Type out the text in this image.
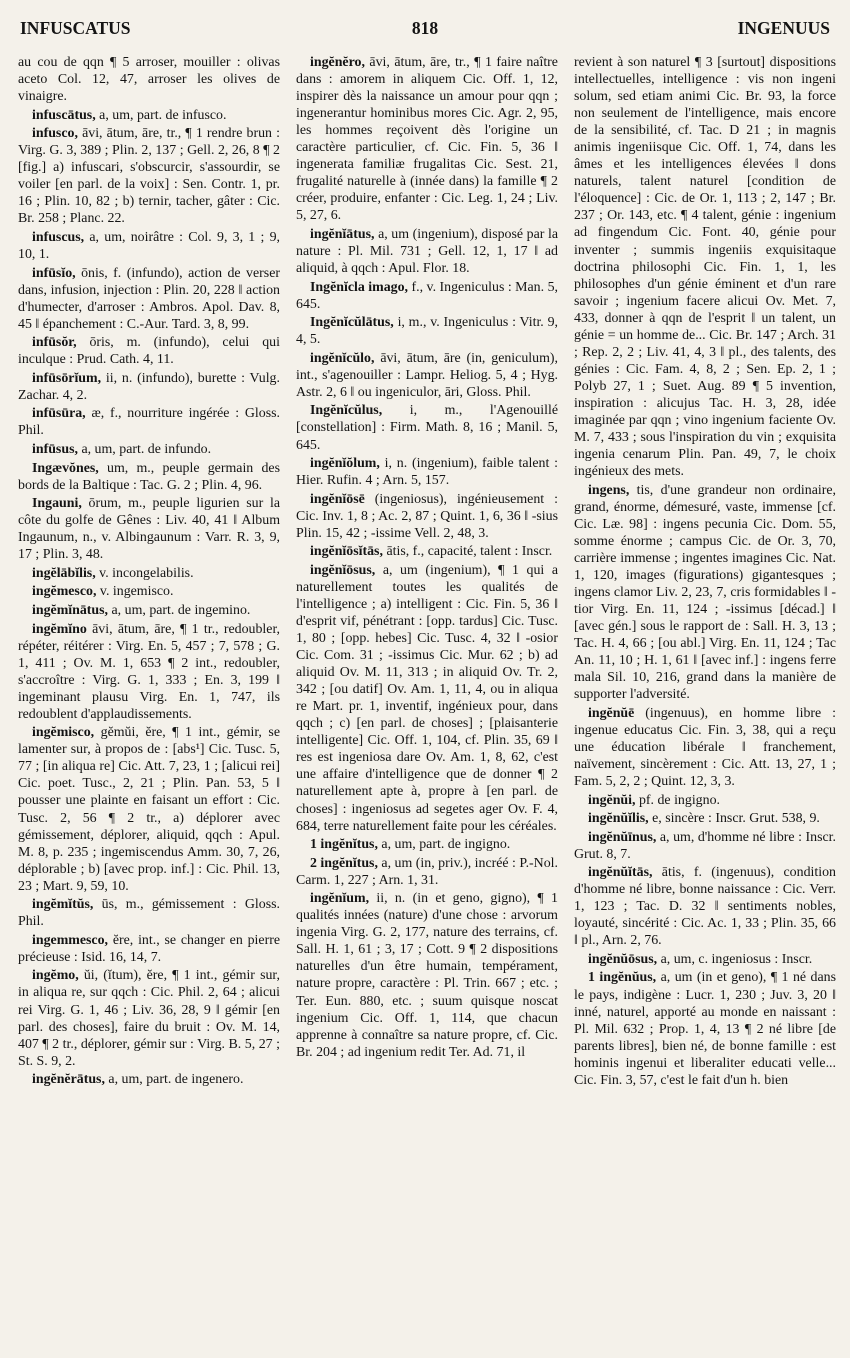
INFUSCATUS	818	INGENUUS

au cou de qqn ¶ 5 arroser, mouiller : olivas aceto Col. 12, 47, arroser les olives de vinaigre.

infuscātus, a, um, part. de infusco.

infusco, āvi, ātum, āre, tr., ¶ 1 rendre brun : Virg. G. 3, 389 ; Plin. 2, 137 ; Gell. 2, 26, 8 ¶ 2 [fig.] a) infuscari, s'obscurcir, s'assourdir, se voiler [en parl. de la voix] : Sen. Contr. 1, pr. 16 ; Plin. 10, 82 ; b) ternir, tacher, gâter : Cic. Br. 258 ; Planc. 22.

infuscus, a, um, noirâtre : Col. 9, 3, 1 ; 9, 10, 1.

infūsĭo, ōnis, f. (infundo), action de verser dans, infusion, injection : Plin. 20, 228 ‖ action d'humecter, d'arroser : Ambros. Apol. Dav. 8, 45 ‖ épanchement : C.-Aur. Tard. 3, 8, 99.

infūsŏr, ōris, m. (infundo), celui qui inculque : Prud. Cath. 4, 11.

infūsōrĭum, ii, n. (infundo), burette : Vulg. Zachar. 4, 2.

infūsūra, æ, f., nourriture ingérée : Gloss. Phil.

infūsus, a, um, part. de infundo.

Ingævŏnes, um, m., peuple germain des bords de la Baltique : Tac. G. 2 ; Plin. 4, 96.

Ingauni, ōrum, m., peuple ligurien sur la côte du golfe de Gênes : Liv. 40, 41 ‖ Album Ingaunum, n., v. Albingaunum : Varr. R. 3, 9, 17 ; Plin. 3, 48.

ingĕlābĭlis, v. incongelabilis.

ingĕmesco, v. ingemisco.

ingĕmĭnātus, a, um, part. de ingemino.

ingĕmĭno āvi, ātum, āre, ¶ 1 tr., redoubler, répéter, réitérer : Virg. En. 5, 457 ; 7, 578 ; G. 1, 411 ; Ov. M. 1, 653 ¶ 2 int., redoubler, s'accroître : Virg. G. 1, 333 ; En. 3, 199 ‖ ingeminant plausu Virg. En. 1, 747, ils redoublent d'applaudissements.

ingĕmisco, gĕmŭi, ĕre, ¶ 1 int., gémir, se lamenter sur, à propos de : [abs¹] Cic. Tusc. 5, 77 ; [in aliqua re] Cic. Att. 7, 23, 1 ; [alicui rei] Cic. poet. Tusc., 2, 21 ; Plin. Pan. 53, 5 ‖ pousser une plainte en faisant un effort : Cic. Tusc. 2, 56 ¶ 2 tr., a) déplorer avec gémissement, déplorer, aliquid, qqch : Apul. M. 8, p. 235 ; ingemiscendus Amm. 30, 7, 26, déplorable ; b) [avec prop. inf.] : Cic. Phil. 13, 23 ; Mart. 9, 59, 10.

ingĕmĭtŭs, ūs, m., gémissement : Gloss. Phil.

ingemmesco, ĕre, int., se changer en pierre précieuse : Isid. 16, 14, 7.

ingĕmo, ŭi, (ĭtum), ĕre, ¶ 1 int., gémir sur, in aliqua re, sur qqch : Cic. Phil. 2, 64 ; alicui rei Virg. G. 1, 46 ; Liv. 36, 28, 9 ‖ gémir [en parl. des choses], faire du bruit : Ov. M. 14, 407 ¶ 2 tr., déplorer, gémir sur : Virg. B. 5, 27 ; St. S. 9, 2.

ingĕnĕrātus, a, um, part. de ingenero.

ingĕnĕro, āvi, ātum, āre, tr., ¶ 1 faire naître dans : amorem in aliquem Cic. Off. 1, 12, inspirer dès la naissance un amour pour qqn ; ingenerantur hominibus mores Cic. Agr. 2, 95, les hommes reçoivent dès l'origine un caractère particulier, cf. Cic. Fin. 5, 36 ‖ ingenerata familiæ frugalitas Cic. Sest. 21, frugalité naturelle à (innée dans) la famille ¶ 2 créer, produire, enfanter : Cic. Leg. 1, 24 ; Liv. 5, 27, 6.

ingĕnĭātus, a, um (ingenium), disposé par la nature : Pl. Mil. 731 ; Gell. 12, 1, 17 ‖ ad aliquid, à qqch : Apul. Flor. 18.

Ingĕnĭcla imago, f., v. Ingeniculus : Man. 5, 645.

Ingĕnĭcŭlātus, i, m., v. Ingeniculus : Vitr. 9, 4, 5.

ingĕnĭcŭlo, āvi, ātum, āre (in, geniculum), int., s'agenouiller : Lampr. Heliog. 5, 4 ; Hyg. Astr. 2, 6 ‖ ou ingeniculor, āri, Gloss. Phil.

Ingĕnĭcŭlus, i, m., l'Agenouillé [constellation] : Firm. Math. 8, 16 ; Manil. 5, 645.

ingĕnĭŏlum, i, n. (ingenium), faible talent : Hier. Rufin. 4 ; Arn. 5, 157.

ingĕnĭōsē (ingeniosus), ingénieusement : Cic. Inv. 1, 8 ; Ac. 2, 87 ; Quint. 1, 6, 36 ‖ -sius Plin. 15, 42 ; -issime Vell. 2, 48, 3.

ingĕnĭōsĭtās, ātis, f., capacité, talent : Inscr.

ingĕnĭōsus, a, um (ingenium), ¶ 1 qui a naturellement toutes les qualités de l'intelligence ; a) intelligent : Cic. Fin. 5, 36 ‖ d'esprit vif, pénétrant : [opp. tardus] Cic. Tusc. 1, 80 ; [opp. hebes] Cic. Tusc. 4, 32 ‖ -osior Cic. Com. 31 ; -issimus Cic. Mur. 62 ; b) ad aliquid Ov. M. 11, 313 ; in aliquid Ov. Tr. 2, 342 ; [ou datif] Ov. Am. 1, 11, 4, ou in aliqua re Mart. pr. 1, inventif, ingénieux pour, dans qqch ; c) [en parl. de choses] ; [plaisanterie intelligente] Cic. Off. 1, 104, cf. Plin. 35, 69 ‖ res est ingeniosa dare Ov. Am. 1, 8, 62, c'est une affaire d'intelligence que de donner ¶ 2 naturellement apte à, propre à [en parl. de choses] : ingeniosus ad segetes ager Ov. F. 4, 684, terre naturellement faite pour les céréales.

1 ingĕnĭtus, a, um, part. de ingigno.

2 ingĕnĭtus, a, um (in, priv.), incréé : P.-Nol. Carm. 1, 227 ; Arn. 1, 31.

ingĕnĭum, ii, n. (in et geno, gigno), ¶ 1 qualités innées (nature) d'une chose : arvorum ingenia Virg. G. 2, 177, nature des terrains, cf. Sall. H. 1, 61 ; 3, 17 ; Cott. 9 ¶ 2 dispositions naturelles d'un être humain, tempérament, nature propre, caractère : Pl. Trin. 667 ; etc. ; Ter. Eun. 880, etc. ; suum quisque noscat ingenium Cic. Off. 1, 114, que chacun apprenne à connaître sa nature propre, cf. Cic. Br. 204 ; ad ingenium redit Ter. Ad. 71, il

revient à son naturel ¶ 3 [surtout] dispositions intellectuelles, intelligence : vis non ingeni solum, sed etiam animi Cic. Br. 93, la force non seulement de l'intelligence, mais encore de la sensibilité, cf. Tac. D 21 ; in magnis animis ingeniisque Cic. Off. 1, 74, dans les âmes et les intelligences élevées ‖ dons naturels, talent naturel [condition de l'éloquence] : Cic. de Or. 1, 113 ; 2, 147 ; Br. 237 ; Or. 143, etc. ¶ 4 talent, génie : ingenium ad fingendum Cic. Font. 40, génie pour inventer ; summis ingeniis exquisitaque doctrina philosophi Cic. Fin. 1, 1, les philosophes d'un génie éminent et d'un rare savoir ; ingenium facere alicui Ov. Met. 7, 433, donner à qqn de l'esprit ‖ un talent, un génie = un homme de... Cic. Br. 147 ; Arch. 31 ; Rep. 2, 2 ; Liv. 41, 4, 3 ‖ pl., des talents, des génies : Cic. Fam. 4, 8, 2 ; Sen. Ep. 2, 1 ; Polyb 27, 1 ; Suet. Aug. 89 ¶ 5 invention, inspiration : alicujus Tac. H. 3, 28, idée imaginée par qqn ; vino ingenium faciente Ov. M. 7, 433 ; sous l'inspiration du vin ; exquisita ingenia cenarum Plin. Pan. 49, 7, le choix ingénieux des mets.

ingens, tis, d'une grandeur non ordinaire, grand, énorme, démesuré, vaste, immense [cf. Cic. Læ. 98] : ingens pecunia Cic. Dom. 55, somme énorme ; campus Cic. de Or. 3, 70, carrière immense ; ingentes imagines Cic. Nat. 1, 120, images (figurations) gigantesques ; ingens clamor Liv. 2, 23, 7, cris formidables ‖ -tior Virg. En. 11, 124 ; -issimus [décad.] ‖ [avec gén.] sous le rapport de : Sall. H. 3, 13 ; Tac. H. 4, 66 ; [ou abl.] Virg. En. 11, 124 ; Tac An. 11, 10 ; H. 1, 61 ‖ [avec inf.] : ingens ferre mala Sil. 10, 216, grand dans la manière de supporter l'adversité.

ingĕnŭē (ingenuus), en homme libre : ingenue educatus Cic. Fin. 3, 38, qui a reçu une éducation libérale ‖ franchement, naïvement, sincèrement : Cic. Att. 13, 27, 1 ; Fam. 5, 2, 2 ; Quint. 12, 3, 3.

ingĕnŭi, pf. de ingigno.

ingĕnŭĭlis, e, sincère : Inscr. Grut. 538, 9.

ingĕnŭīnus, a, um, d'homme né libre : Inscr. Grut. 8, 7.

ingĕnŭĭtās, ātis, f. (ingenuus), condition d'homme né libre, bonne naissance : Cic. Verr. 1, 123 ; Tac. D. 32 ‖ sentiments nobles, loyauté, sincérité : Cic. Ac. 1, 33 ; Plin. 35, 66 ‖ pl., Arn. 2, 76.

ingĕnŭōsus, a, um, c. ingeniosus : Inscr.

1 ingĕnŭus, a, um (in et geno), ¶ 1 né dans le pays, indigène : Lucr. 1, 230 ; Juv. 3, 20 ‖ inné, naturel, apporté au monde en naissant : Pl. Mil. 632 ; Prop. 1, 4, 13 ¶ 2 né libre [de parents libres], bien né, de bonne famille : est hominis ingenui et liberaliter educati velle... Cic. Fin. 3, 57, c'est le fait d'un h. bien
